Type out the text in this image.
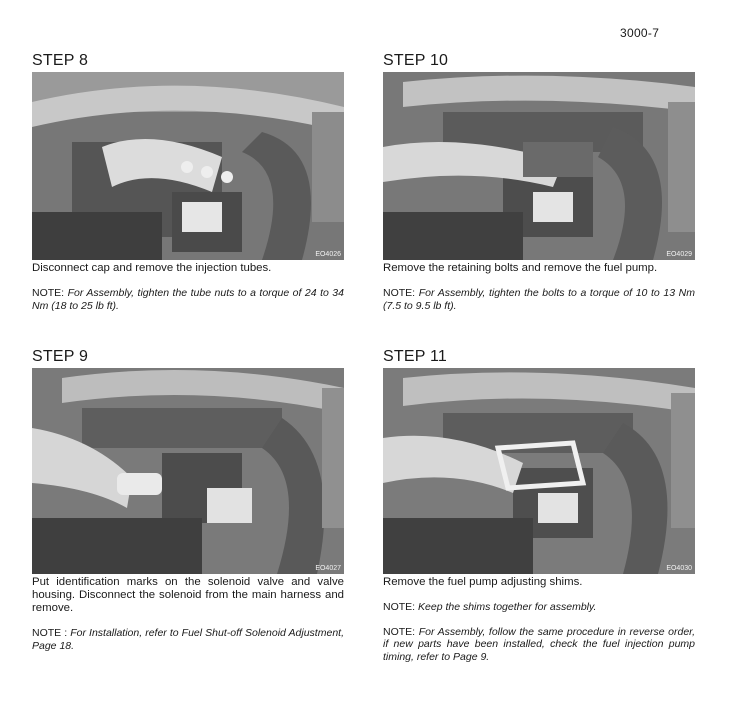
3000-7
STEP 8
EO4026
Disconnect cap and remove the injection tubes.
NOTE: For Assembly, tighten the tube nuts to a torque of 24 to 34 Nm (18 to 25 lb ft).
STEP 9
EO4027
Put identification marks on the solenoid valve and valve housing. Disconnect the solenoid from the main harness and remove.
NOTE : For Installation, refer to Fuel Shut-off Solenoid Adjustment, Page 18.
STEP 10
EO4029
Remove the retaining bolts and remove the fuel pump.
NOTE: For Assembly, tighten the bolts to a torque of 10 to 13 Nm (7.5 to 9.5 lb ft).
STEP 11
EO4030
Remove the fuel pump adjusting shims.
NOTE: Keep the shims together for assembly.
NOTE: For Assembly, follow the same procedure in reverse order, if new parts have been installed, check the fuel injection pump timing, refer to Page 9.
